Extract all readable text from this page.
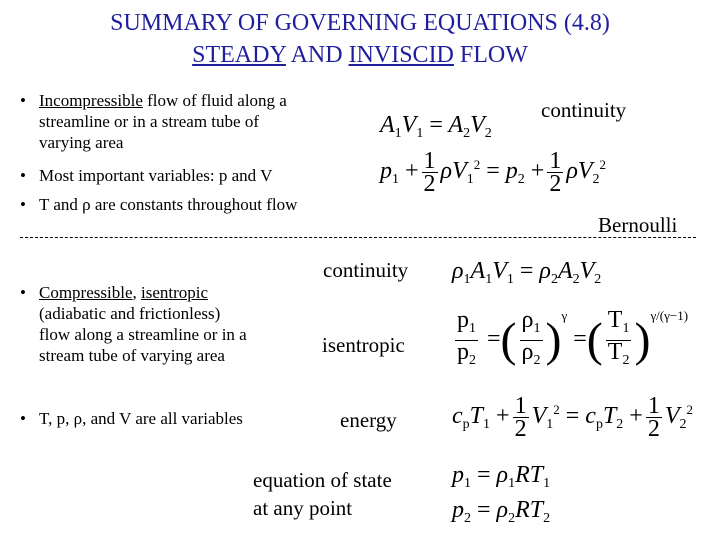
SUMMARY OF GOVERNING EQUATIONS (4.8)
STEADY AND INVISCID FLOW
• Incompressible flow of fluid along a
streamline or in a stream tube of
varying area
• Most important variables: p and V
• T and ρ are constants throughout flow
continuity
$A_1V_1 = A_2V_2$
$p_1 + \frac{1}{2} \rho V_1^2 = p_2 + \frac{1}{2} \rho V_2^2$
Bernoulli
• Compressible, isentropic
(adiabatic and frictionless)
flow along a streamline or in a
stream tube of varying area
• T, p, ρ, and V are all variables
continuity
isentropic
energy
equation of state
at any point
$\rho_1A_1V_1 = \rho_2A_2V_2$
$\frac{p_1}{p_2}$ =( $\frac{\rho_1}{\rho_2} )^\gamma$ =( $\frac{T_1}{T_2} )^{\gamma/(\gamma-1)}$
$c_pT_1 + \frac{1}{2} V_1^2 = c_pT_2 + \frac{1}{2} V_2^2$
$p_1 = \rho_1RT_1$
$p_2 = \rho_2RT_2$
